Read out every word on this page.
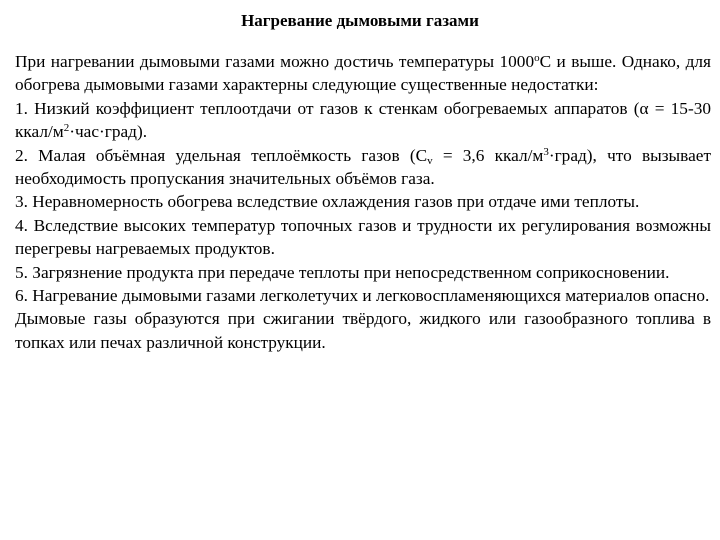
Нагревание дымовыми газами

При нагревании дымовыми газами можно достичь температуры $1000^оС$ и выше. Однако, для обогрева дымовыми газами характерны следующие существенные недостатки:

1. Низкий коэффициент теплоотдачи от газов к стенкам обогреваемых аппаратов (α = 15-30 ккал/$м^2\cdot час\cdot град$).

2. Малая объёмная удельная теплоёмкость газов ($С_v = 3,6$ ккал/$м^3\cdot град$), что вызывает необходимость пропускания значительных объёмов газа.

3. Неравномерность обогрева вследствие охлаждения газов при отдаче ими теплоты.

4. Вследствие высоких температур топочных газов и трудности их регулирования возможны перегревы нагреваемых продуктов.

5. Загрязнение продукта при передаче теплоты при непосредственном соприкосновении.

6. Нагревание дымовыми газами легколетучих и легковоспламеняющихся материалов опасно.

Дымовые газы образуются при сжигании твёрдого, жидкого или газообразного топлива в топках или печах различной конструкции.
